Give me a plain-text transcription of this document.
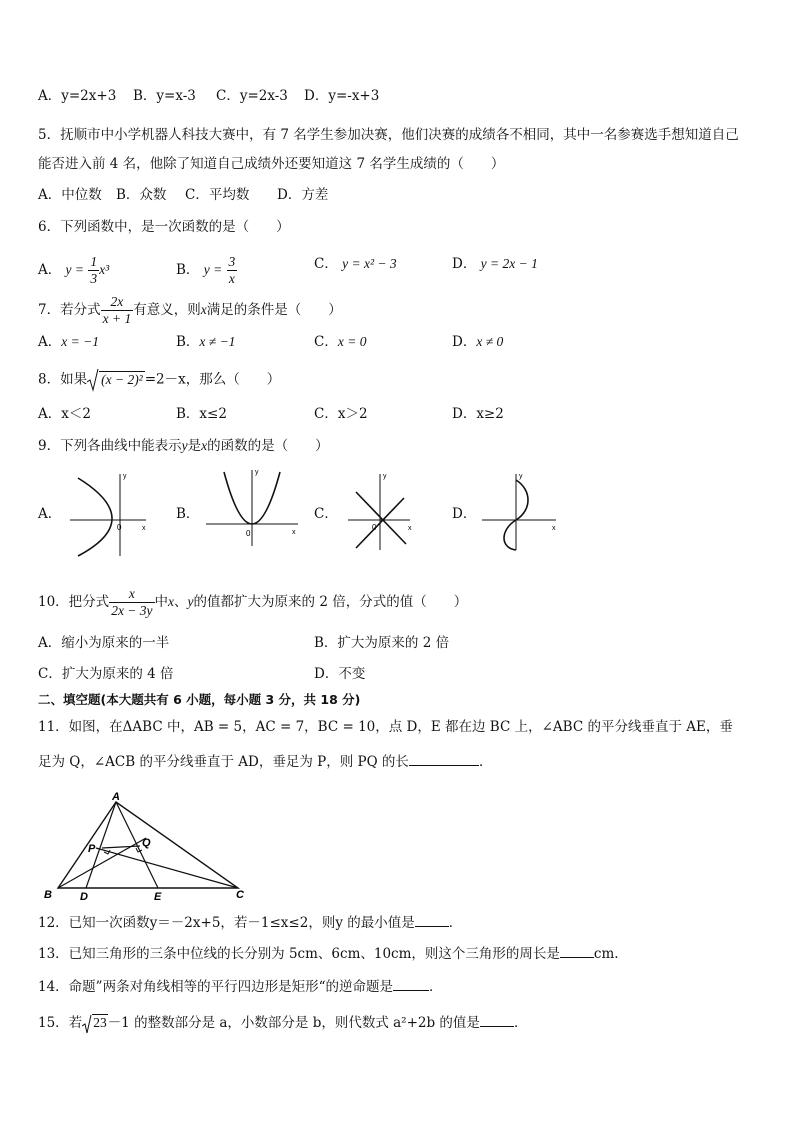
A．y=2x+3 B．y=x-3 C．y=2x-3 D．y=-x+3
5．抚顺市中小学机器人科技大赛中，有 7 名学生参加决赛，他们决赛的成绩各不相同，其中一名参赛选手想知道自己
能否进入前 4 名，他除了知道自己成绩外还要知道这 7 名学生成绩的（　　）
A．中位数 B．众数 C．平均数 D．方差
6．下列函数中，是一次函数的是（　　）
A． $y = \frac{1}{3} x^3$	B． $y = \frac{3}{x}$	C． y = x² − 3	D． y = 2x − 1
7．若分式 $\frac{2x}{x + 1}$ 有意义，则x满足的条件是（　　）
A．x = −1	B．x ≠ −1	C．x = 0	D．x ≠ 0
8．如果 (x − 2)² =2－x，那么（　　）
A．x＜2	B．x≤2	C．x＞2	D．x≥2
9．下列各曲线中能表示y是x的函数的是（　　）
A．	B．	C．	D．
y
x
0
y
x
0
y
x
0
y
x
10．把分式 $\frac{x}{2x - 3y}$ 中x、y的值都扩大为原来的 2 倍，分式的值（　　）
A．缩小为原来的一半	B．扩大为原来的 2 倍
C．扩大为原来的 4 倍	D．不变
二、填空题(本大题共有 6 小题，每小题 3 分，共 18 分)
11．如图，在ΔABC 中，AB = 5，AC = 7，BC = 10，点 D，E 都在边 BC 上，∠ABC 的平分线垂直于 AE，垂
足为 Q，∠ACB 的平分线垂直于 AD，垂足为 P，则 PQ 的长	．
A
B	C
D	E
P	Q
12．已知一次函数y＝－2x+5，若－1≤x≤2，则y 的最小值是	．
13．已知三角形的三条中位线的长分别为 5cm、6cm、10cm，则这个三角形的周长是	cm.
14．命题”两条对角线相等的平行四边形是矩形“的逆命题是	．
15．若 23－1 的整数部分是 a，小数部分是 b，则代数式 a²+2b 的值是	．
